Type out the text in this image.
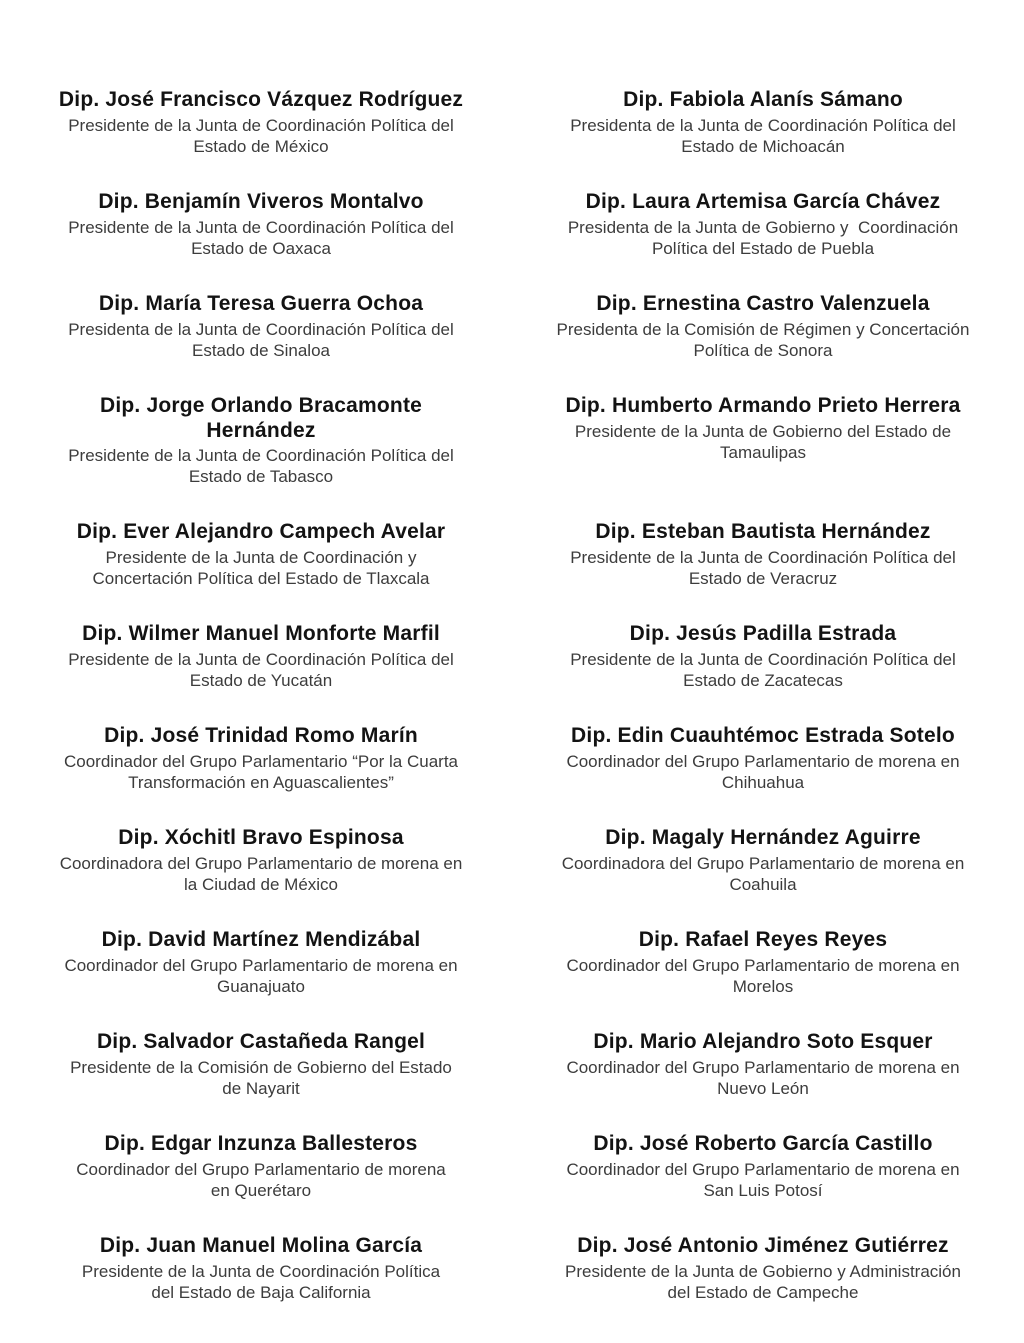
Dip. José Francisco Vázquez Rodríguez
Presidente de la Junta de Coordinación Política del
Estado de México
Dip. Fabiola Alanís Sámano
Presidenta de la Junta de Coordinación Política del
Estado de Michoacán
Dip. Benjamín Viveros Montalvo
Presidente de la Junta de Coordinación Política del
Estado de Oaxaca
Dip. Laura Artemisa García Chávez
Presidenta de la Junta de Gobierno y  Coordinación
Política del Estado de Puebla
Dip. María Teresa Guerra Ochoa
Presidenta de la Junta de Coordinación Política del
Estado de Sinaloa
Dip. Ernestina Castro Valenzuela
Presidenta de la Comisión de Régimen y Concertación
Política de Sonora
Dip. Jorge Orlando Bracamonte
Hernández
Presidente de la Junta de Coordinación Política del
Estado de Tabasco
Dip. Humberto Armando Prieto Herrera
Presidente de la Junta de Gobierno del Estado de
Tamaulipas
Dip. Ever Alejandro Campech Avelar
Presidente de la Junta de Coordinación y
Concertación Política del Estado de Tlaxcala
Dip. Esteban Bautista Hernández
Presidente de la Junta de Coordinación Política del
Estado de Veracruz
Dip. Wilmer Manuel Monforte Marfil
Presidente de la Junta de Coordinación Política del
Estado de Yucatán
Dip. Jesús Padilla Estrada
Presidente de la Junta de Coordinación Política del
Estado de Zacatecas
Dip. José Trinidad Romo Marín
Coordinador del Grupo Parlamentario “Por la Cuarta
Transformación en Aguascalientes”
Dip. Edin Cuauhtémoc Estrada Sotelo
Coordinador del Grupo Parlamentario de morena en
Chihuahua
Dip. Xóchitl Bravo Espinosa
Coordinadora del Grupo Parlamentario de morena en
la Ciudad de México
Dip. Magaly Hernández Aguirre
Coordinadora del Grupo Parlamentario de morena en
Coahuila
Dip. David Martínez Mendizábal
Coordinador del Grupo Parlamentario de morena en
Guanajuato
Dip. Rafael Reyes Reyes
Coordinador del Grupo Parlamentario de morena en
Morelos
Dip. Salvador Castañeda Rangel
Presidente de la Comisión de Gobierno del Estado
de Nayarit
Dip. Mario Alejandro Soto Esquer
Coordinador del Grupo Parlamentario de morena en
Nuevo León
Dip. Edgar Inzunza Ballesteros
Coordinador del Grupo Parlamentario de morena
en Querétaro
Dip. José Roberto García Castillo
Coordinador del Grupo Parlamentario de morena en
San Luis Potosí
Dip. Juan Manuel Molina García
Presidente de la Junta de Coordinación Política
del Estado de Baja California
Dip. José Antonio Jiménez Gutiérrez
Presidente de la Junta de Gobierno y Administración
del Estado de Campeche
